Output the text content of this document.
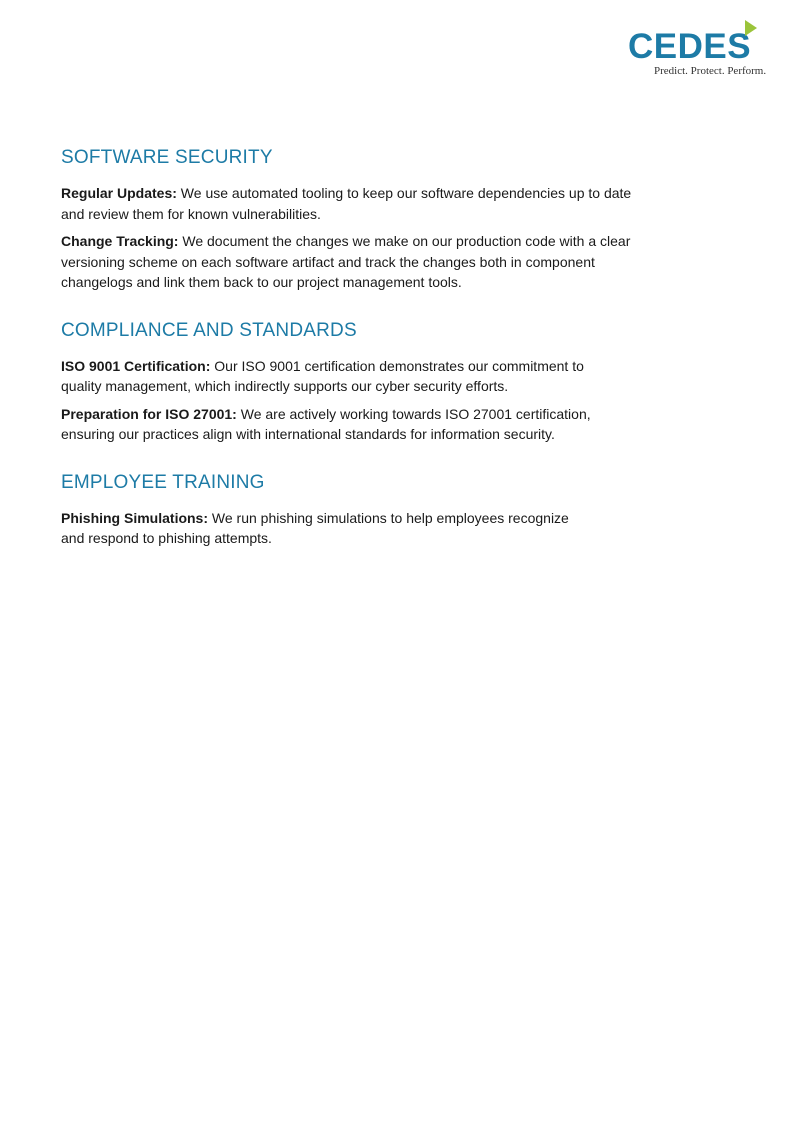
CEDES
Predict. Protect. Perform.
SOFTWARE SECURITY

Regular Updates: We use automated tooling to keep our software dependencies up to date and review them for known vulnerabilities.

Change Tracking: We document the changes we make on our production code with a clear versioning scheme on each software artifact and track the changes both in component changelogs and link them back to our project management tools.

COMPLIANCE AND STANDARDS

ISO 9001 Certification: Our ISO 9001 certification demonstrates our commitment to quality management, which indirectly supports our cyber security efforts.

Preparation for ISO 27001: We are actively working towards ISO 27001 certification, ensuring our practices align with international standards for information security.

EMPLOYEE TRAINING

Phishing Simulations: We run phishing simulations to help employees recognize and respond to phishing attempts.
